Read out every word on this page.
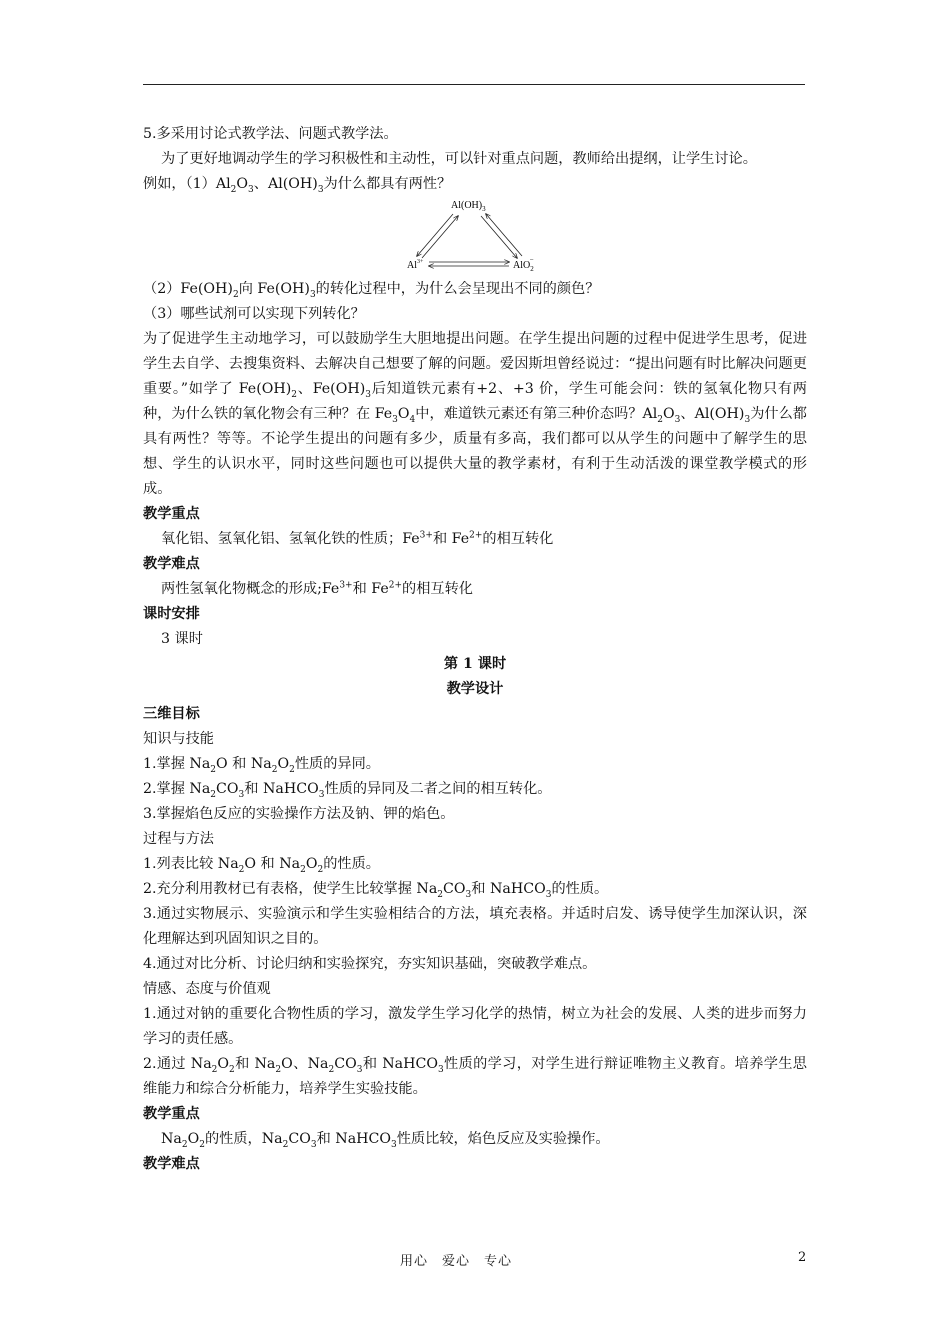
5.多采用讨论式教学法、问题式教学法。

为了更好地调动学生的学习积极性和主动性，可以针对重点问题，教师给出提纲，让学生讨论。

例如，$(1)Al_2O_3$、$Al(OH)_3$为什么都具有两性？

$Al(OH)_3$
$Al^{3+}$	AlO$_2$−

$(2)Fe(OH)_2$向 $Fe(OH)_3$的转化过程中，为什么会呈现出不同的颜色？

（3）哪些试剂可以实现下列转化？

为了促进学生主动地学习，可以鼓励学生大胆地提出问题。在学生提出问题的过程中促进学生思考，促进学生去自学、去搜集资料、去解决自己想要了解的问题。爱因斯坦曾经说过：“提出问题有时比解决问题更重要。”如学了 $Fe(OH)_2$、$Fe(OH)_3$后知道铁元素有+2、+3 价，学生可能会问：铁的氢氧化物只有两种，为什么铁的氧化物会有三种？在 $Fe_3O_4$中，难道铁元素还有第三种价态吗？$Al_2O_3$、$Al(OH)_3$为什么都具有两性？等等。不论学生提出的问题有多少，质量有多高，我们都可以从学生的问题中了解学生的思想、学生的认识水平，同时这些问题也可以提供大量的教学素材，有利于生动活泼的课堂教学模式的形成。

教学重点

氧化铝、氢氧化铝、氢氧化铁的性质；$Fe^{3+}$和 $Fe^{2+}$的相互转化

教学难点

两性氢氧化物概念的形成$;Fe^{3+}$和 $Fe^{2+}$的相互转化

课时安排

3 课时

第 1 课时

教学设计

三维目标

知识与技能

1.掌握 $Na_2O$ 和 $Na_2O_2$性质的异同。

2.掌握 $Na_2CO_3$和 NaHCO$_3$性质的异同及二者之间的相互转化。

3.掌握焰色反应的实验操作方法及钠、钾的焰色。

过程与方法

1.列表比较 $Na_2O$ 和 $Na_2O_2$的性质。

2.充分利用教材已有表格，使学生比较掌握 $Na_2CO_3$和 NaHCO$_3$的性质。

3.通过实物展示、实验演示和学生实验相结合的方法，填充表格。并适时启发、诱导使学生加深认识，深化理解达到巩固知识之目的。

4.通过对比分析、讨论归纳和实验探究，夯实知识基础，突破教学难点。

情感、态度与价值观

1.通过对钠的重要化合物性质的学习，激发学生学习化学的热情，树立为社会的发展、人类的进步而努力学习的责任感。

2.通过 $Na_2O_2$和 $Na_2O$、$Na_2CO_3$和 NaHCO$_3$性质的学习，对学生进行辩证唯物主义教育。培养学生思维能力和综合分析能力，培养学生实验技能。

教学重点

$Na_2O_2$的性质，$Na_2CO_3$和 NaHCO$_3$性质比较，焰色反应及实验操作。

教学难点

用心　爱心　专心	2
